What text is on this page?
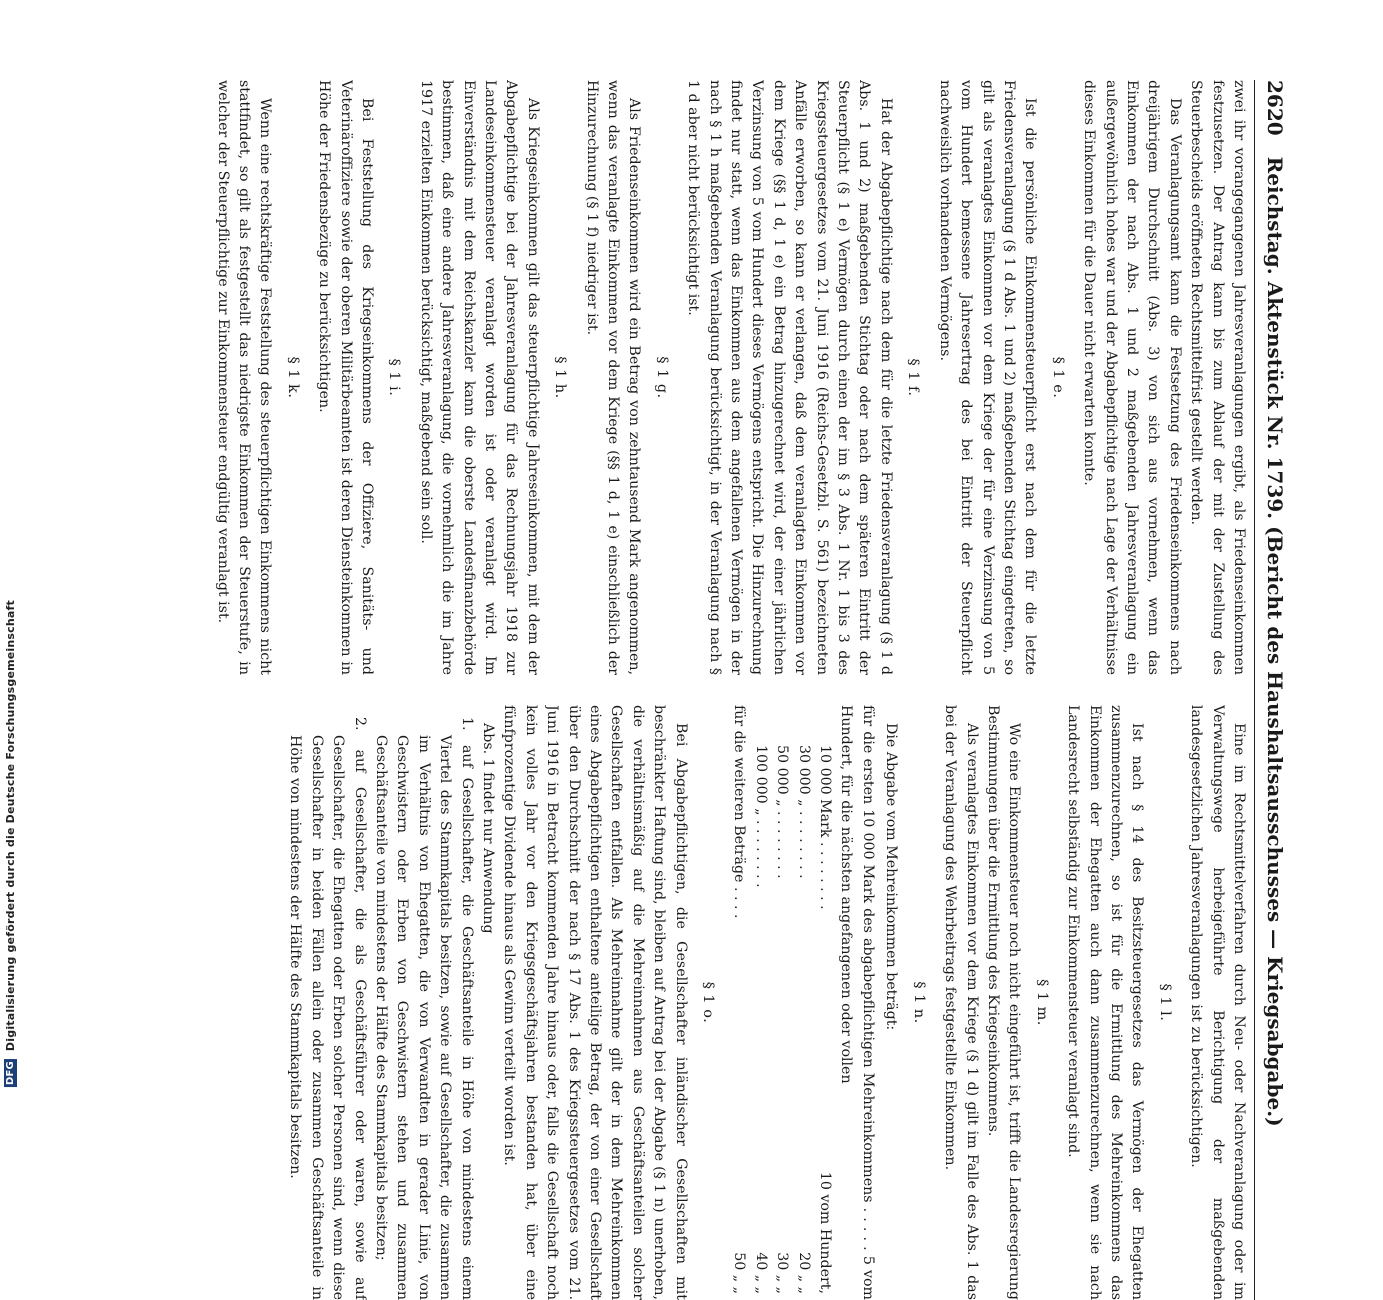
2620 Reichstag. Aktenstück Nr. 1739. (Bericht des Haushaltsausschusses — Kriegsabgabe.)

zwei ihr vorangegangenen Jahresveranlagungen ergibt, als Friedenseinkommen festzusetzen. Der Antrag kann bis zum Ablauf der mit der Zustellung des Steuerbescheids eröffneten Rechtsmittelfrist gestellt werden.

Das Veranlagungsamt kann die Festsetzung des Friedenseinkommens nach dreijährigem Durchschnitt (Abs. 3) von sich aus vornehmen, wenn das Einkommen der nach Abs. 1 und 2 maßgebenden Jahresveranlagung ein außergewöhnlich hohes war und der Abgabepflichtige nach Lage der Verhältnisse dieses Einkommen für die Dauer nicht erwarten konnte.

§ 1 e.

Ist die persönliche Einkommensteuerpflicht erst nach dem für die letzte Friedensveranlagung (§ 1 d Abs. 1 und 2) maßgebenden Stichtag eingetreten, so gilt als veranlagtes Einkommen vor dem Kriege der für eine Verzinsung von 5 vom Hundert bemessene Jahresertrag des bei Eintritt der Steuerpflicht nachweislich vorhandenen Vermögens.

§ 1 f.

Hat der Abgabepflichtige nach dem für die letzte Friedensveranlagung (§ 1 d Abs. 1 und 2) maßgebenden Stichtag oder nach dem späteren Eintritt der Steuerpflicht (§ 1 e) Vermögen durch einen der im § 3 Abs. 1 Nr. 1 bis 3 des Kriegssteuergesetzes vom 21. Juni 1916 (Reichs-Gesetzbl. S. 561) bezeichneten Anfälle erworben, so kann er verlangen, daß dem veranlagten Einkommen vor dem Kriege (§§ 1 d, 1 e) ein Betrag hinzugerechnet wird, der einer jährlichen Verzinsung von 5 vom Hundert dieses Vermögens entspricht. Die Hinzurechnung findet nur statt, wenn das Einkommen aus dem angefallenen Vermögen in der nach § 1 h maßgebenden Veranlagung berücksichtigt, in der Veranlagung nach § 1 d aber nicht berücksichtigt ist.

§ 1 g.

Als Friedenseinkommen wird ein Betrag von zehntausend Mark angenommen, wenn das veranlagte Einkommen vor dem Kriege (§§ 1 d, 1 e) einschließlich der Hinzurechnung (§ 1 f) niedriger ist.

§ 1 h.

Als Kriegseinkommen gilt das steuerpflichtige Jahreseinkommen, mit dem der Abgabepflichtige bei der Jahresveranlagung für das Rechnungsjahr 1918 zur Landeseinkommensteuer veranlagt worden ist oder veranlagt wird. Im Einverständnis mit dem Reichskanzler kann die oberste Landesfinanzbehörde bestimmen, daß eine andere Jahresveranlagung, die vornehmlich die im Jahre 1917 erzielten Einkommen berücksichtigt, maßgebend sein soll.

§ 1 i.

Bei Feststellung des Kriegseinkommens der Offiziere, Sanitäts- und Veterinäroffiziere sowie der oberen Militärbeamten ist deren Diensteinkommen in Höhe der Friedensbezüge zu berücksichtigen.

§ 1 k.

Wenn eine rechtskräftige Feststellung des steuerpflichtigen Einkommens nicht stattfindet, so gilt als festgestellt das niedrigste Einkommen der Steuerstufe, in welcher der Steuerpflichtige zur Einkommensteuer endgültig veranlagt ist.

Eine im Rechtsmittelverfahren durch Neu- oder Nachveranlagung oder im Verwaltungswege herbeigeführte Berichtigung der maßgebenden landesgesetzlichen Jahresveranlagungen ist zu berücksichtigen.

§ 1 l.

Ist nach § 14 des Besitzsteuergesetzes das Vermögen der Ehegatten zusammenzurechnen, so ist für die Ermittlung des Mehreinkommens das Einkommen der Ehegatten auch dann zusammenzurechnen, wenn sie nach Landesrecht selbständig zur Einkommensteuer veranlagt sind.

§ 1 m.

Wo eine Einkommensteuer noch nicht eingeführt ist, trifft die Landesregierung Bestimmungen über die Ermittlung des Kriegseinkommens.

Als veranlagtes Einkommen vor dem Kriege (§ 1 d) gilt im Falle des Abs. 1 das bei der Veranlagung des Wehrbeitrags festgestellte Einkommen.

§ 1 n.

Die Abgabe vom Mehreinkommen beträgt:

für die ersten 10 000 Mark des abgabepflichtigen Mehreinkommens . . . . . 5 vom Hundert, für die nächsten angefangenen oder vollen

10 000 Mark . . . . . . . .
10 vom Hundert,
30 000 „ . . . . . . . .
20 „ „
50 000 „ . . . . . . . .
30 „ „
100 000 „ . . . . . . . .
40 „ „
für die weiteren Beträge . . . .
50 „ „
§ 1 o.

Bei Abgabepflichtigen, die Gesellschafter inländischer Gesellschaften mit beschränkter Haftung sind, bleiben auf Antrag bei der Abgabe (§ 1 n) unerhoben, die verhältnismäßig auf die Mehreinnahmen aus Geschäftsanteilen solcher Gesellschaften entfallen. Als Mehreinnahme gilt der in dem Mehreinkommen eines Abgabepflichtigen enthaltene anteilige Betrag, der von einer Gesellschaft über den Durchschnitt der nach § 17 Abs. 1 des Kriegssteuergesetzes vom 21. Juni 1916 in Betracht kommenden Jahre hinaus oder, falls die Gesellschaft noch kein volles Jahr vor den Kriegsgeschäftsjahren bestanden hat, über eine fünfprozentige Dividende hinaus als Gewinn verteilt worden ist.

Abs. 1 findet nur Anwendung

1. auf Gesellschafter, die Geschäftsanteile in Höhe von mindestens einem Viertel des Stammkapitals besitzen, sowie auf Gesellschafter, die zusammen im Verhältnis von Ehegatten, die von Verwandten in gerader Linie, von Geschwistern oder Erben von Geschwistern stehen und zusammen Geschäftsanteile von mindestens der Hälfte des Stammkapitals besitzen;
2. auf Gesellschafter, die als Geschäftsführer oder waren, sowie auf Gesellschafter, die Ehegatten oder Erben solcher Personen sind, wenn diese Gesellschafter in beiden Fällen allein oder zusammen Geschäftsanteile in Höhe von mindestens der Hälfte des Stammkapitals besitzen.
DFG Digitalisierung gefördert durch die Deutsche Forschungsgemeinschaft
